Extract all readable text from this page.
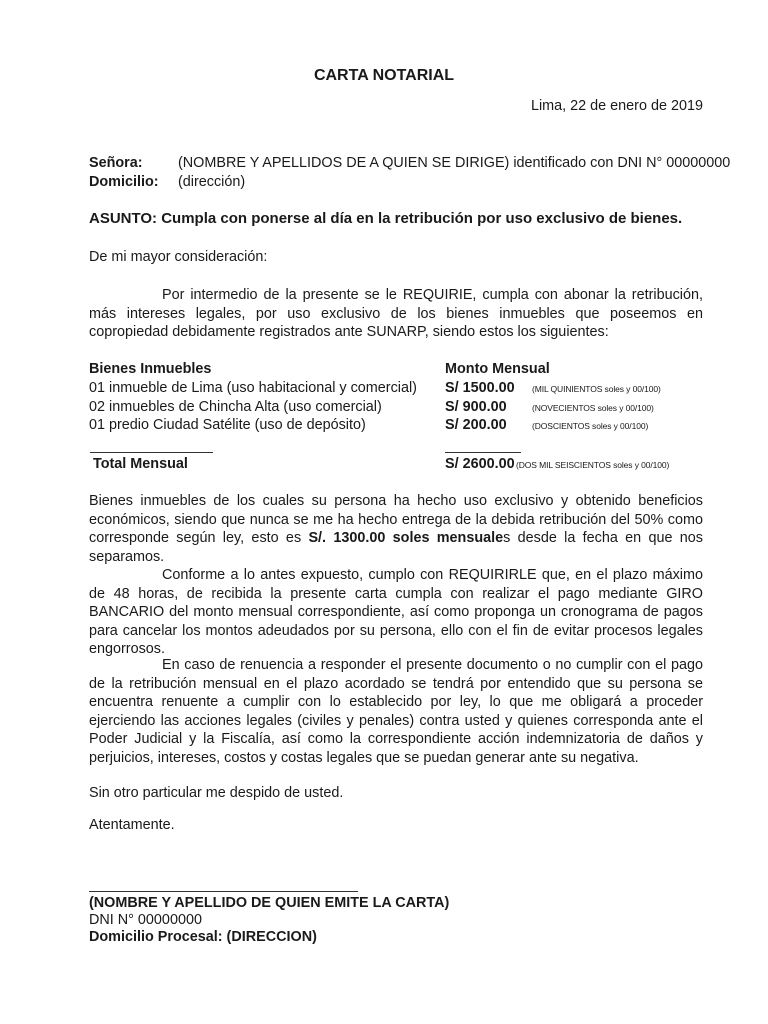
CARTA NOTARIAL
Lima, 22 de enero de 2019
Señora: (NOMBRE Y APELLIDOS DE A QUIEN SE DIRIGE) identificado con DNI N° 00000000
Domicilio: (dirección)
ASUNTO: Cumpla con ponerse al día en la retribución por uso exclusivo de bienes.
De mi mayor consideración:

Por intermedio de la presente se le REQUIRIE, cumpla con abonar la retribución, más intereses legales, por uso exclusivo de los bienes inmuebles que poseemos en copropiedad debidamente registrados ante SUNARP, siendo estos los siguientes:

Bienes Inmuebles	Monto Mensual
01 inmueble de Lima (uso habitacional y comercial) S/ 1500.00 (MIL QUINIENTOS soles y 00/100)
02 inmuebles de Chincha Alta (uso comercial)	S/ 900.00	(NOVECIENTOS soles y 00/100)
01 predio Ciudad Satélite (uso de depósito)	S/ 200.00	(DOSCIENTOS soles y 00/100)
Total Mensual	S/ 2600.00 (DOS MIL SEISCIENTOS soles y 00/100)

Bienes inmuebles de los cuales su persona ha hecho uso exclusivo y obtenido beneficios económicos, siendo que nunca se me ha hecho entrega de la debida retribución del 50% como corresponde según ley, esto es S/. 1300.00 soles mensuales desde la fecha en que nos separamos.

Conforme a lo antes expuesto, cumplo con REQUIRIRLE que, en el plazo máximo de 48 horas, de recibida la presente carta cumpla con realizar el pago mediante GIRO BANCARIO del monto mensual correspondiente, así como proponga un cronograma de pagos para cancelar los montos adeudados por su persona, ello con el fin de evitar procesos legales engorrosos.

En caso de renuencia a responder el presente documento o no cumplir con el pago de la retribución mensual en el plazo acordado se tendrá por entendido que su persona se encuentra renuente a cumplir con lo establecido por ley, lo que me obligará a proceder ejerciendo las acciones legales (civiles y penales) contra usted y quienes corresponda ante el Poder Judicial y la Fiscalía, así como la correspondiente acción indemnizatoria de daños y perjuicios, intereses, costos y costas legales que se puedan generar ante su negativa.

Sin otro particular me despido de usted.
Atentamente.
(NOMBRE Y APELLIDO DE QUIEN EMITE LA CARTA)
DNI N° 00000000
Domicilio Procesal: (DIRECCION)
